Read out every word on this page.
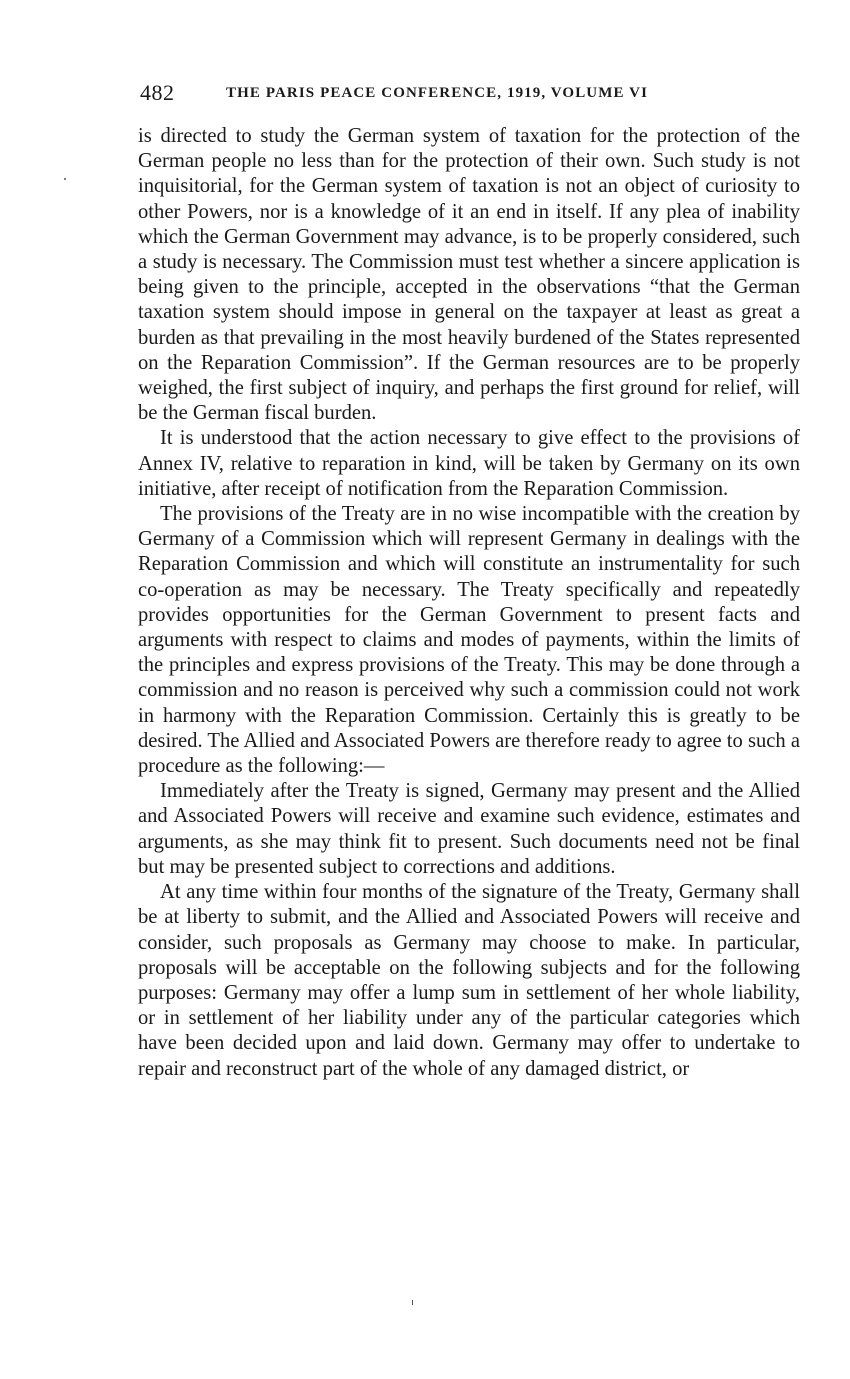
482	THE PARIS PEACE CONFERENCE, 1919, VOLUME VI

is directed to study the German system of taxation for the protection of the German people no less than for the protection of their own. Such study is not inquisitorial, for the German system of taxation is not an object of curiosity to other Powers, nor is a knowledge of it an end in itself. If any plea of inability which the German Government may advance, is to be properly considered, such a study is necessary. The Commission must test whether a sincere application is being given to the principle, accepted in the observations “that the German taxation system should impose in general on the taxpayer at least as great a burden as that prevailing in the most heavily burdened of the States represented on the Reparation Commission”. If the German resources are to be properly weighed, the first subject of inquiry, and perhaps the first ground for relief, will be the German fiscal burden.

It is understood that the action necessary to give effect to the provisions of Annex IV, relative to reparation in kind, will be taken by Germany on its own initiative, after receipt of notification from the Reparation Commission.

The provisions of the Treaty are in no wise incompatible with the creation by Germany of a Commission which will represent Germany in dealings with the Reparation Commission and which will constitute an instrumentality for such co-operation as may be necessary. The Treaty specifically and repeatedly provides opportunities for the German Government to present facts and arguments with respect to claims and modes of payments, within the limits of the principles and express provisions of the Treaty. This may be done through a commission and no reason is perceived why such a commission could not work in harmony with the Reparation Commission. Certainly this is greatly to be desired. The Allied and Associated Powers are therefore ready to agree to such a procedure as the following:—

Immediately after the Treaty is signed, Germany may present and the Allied and Associated Powers will receive and examine such evidence, estimates and arguments, as she may think fit to present. Such documents need not be final but may be presented subject to corrections and additions.

At any time within four months of the signature of the Treaty, Germany shall be at liberty to submit, and the Allied and Associated Powers will receive and consider, such proposals as Germany may choose to make. In particular, proposals will be acceptable on the following subjects and for the following purposes: Germany may offer a lump sum in settlement of her whole liability, or in settlement of her liability under any of the particular categories which have been decided upon and laid down. Germany may offer to undertake to repair and reconstruct part of the whole of any damaged district, or
